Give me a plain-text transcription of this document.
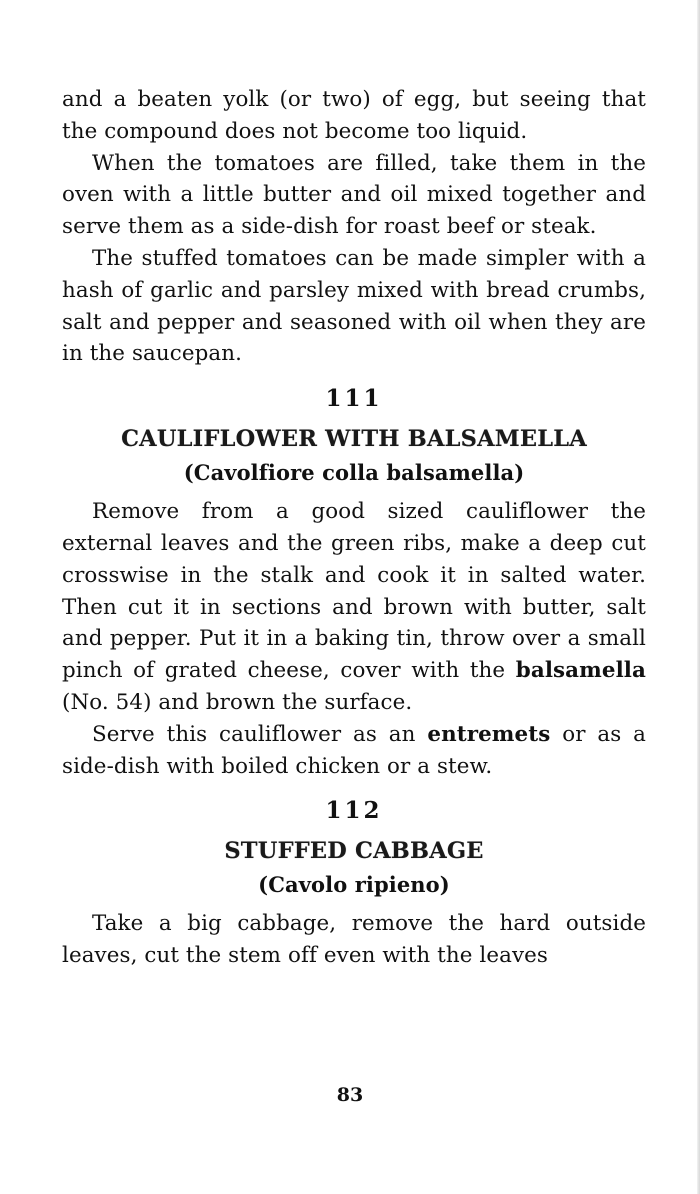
and a beaten yolk (or two) of egg, but seeing that the compound does not become too liquid.

When the tomatoes are filled, take them in the oven with a little butter and oil mixed together and serve them as a side-dish for roast beef or steak.

The stuffed tomatoes can be made simpler with a hash of garlic and parsley mixed with bread crumbs, salt and pepper and seasoned with oil when they are in the saucepan.

111
CAULIFLOWER WITH BALSAMELLA
(Cavolfiore colla balsamella)

Remove from a good sized cauliflower the external leaves and the green ribs, make a deep cut crosswise in the stalk and cook it in salted water. Then cut it in sections and brown with butter, salt and pepper. Put it in a baking tin, throw over a small pinch of grated cheese, cover with the balsamella (No. 54) and brown the surface.

Serve this cauliflower as an entremets or as a side-dish with boiled chicken or a stew.

112
STUFFED CABBAGE
(Cavolo ripieno)

Take a big cabbage, remove the hard outside leaves, cut the stem off even with the leaves

83
